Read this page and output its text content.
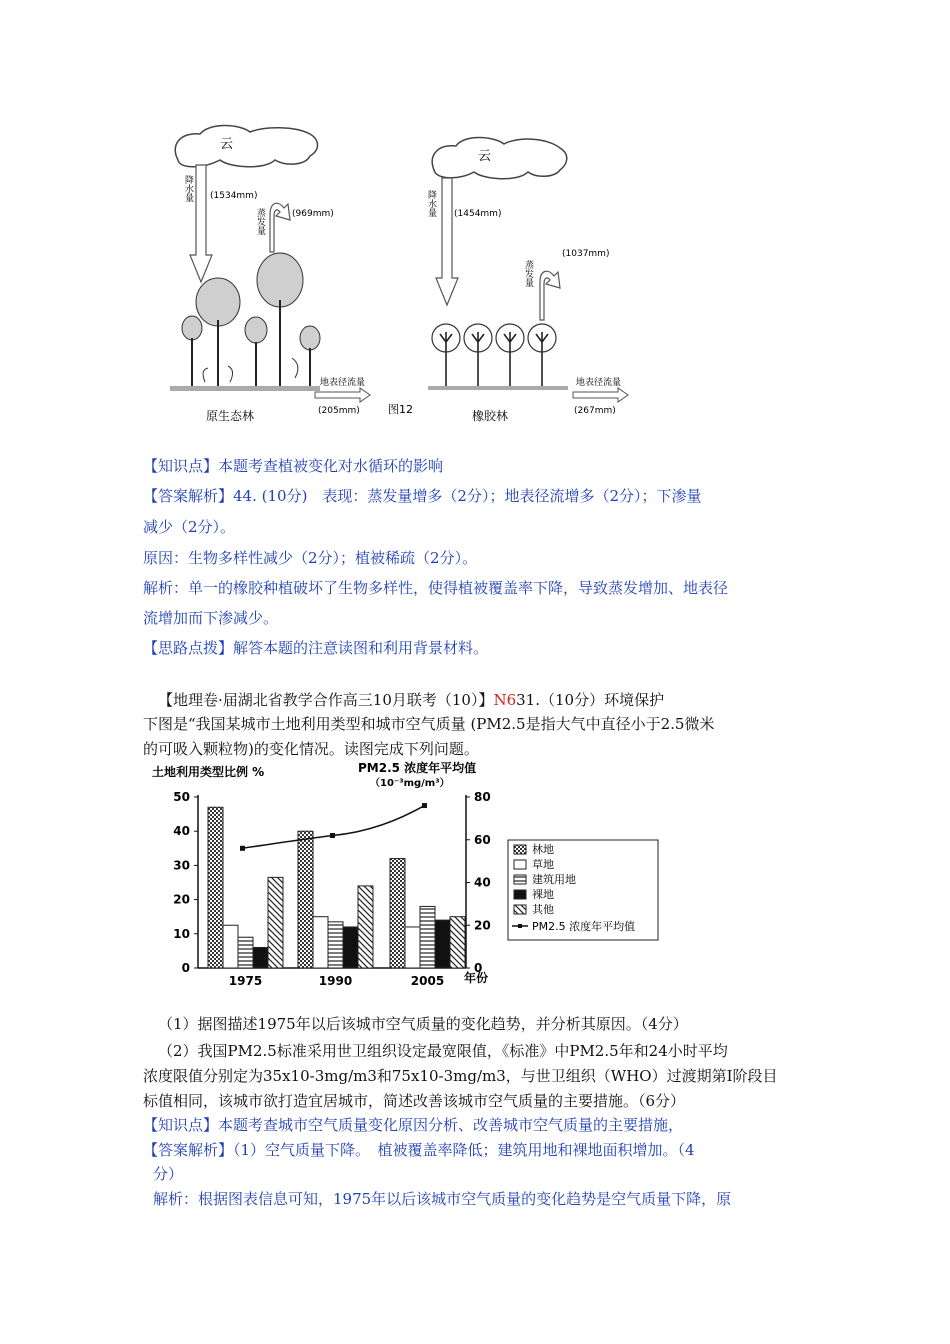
云
降水量 (1534mm)
蒸发量	(969mm)
地表径流量
(205mm)
原生态林	图12
云
降水量 (1454mm)
蒸发量
(1037mm)
地表径流量
(267mm)
橡胶林
【知识点】本题考查植被变化对水循环的影响
【答案解析】44. (10分)　表现：蒸发量增多（2分）；地表径流增多（2分）；下渗量
减少（2分）。
原因：生物多样性减少（2分）；植被稀疏（2分）。
解析：单一的橡胶种植破坏了生物多样性，使得植被覆盖率下降，导致蒸发增加、地表径
流增加而下渗减少。
【思路点拨】解答本题的注意读图和利用背景材料。
【地理卷·届湖北省教学合作高三10月联考（10）】N631.（10分）环境保护
下图是“我国某城市土地利用类型和城市空气质量 (PM2.5是指大气中直径小于2.5微米
的可吸入颗粒物)的变化情况。读图完成下列问题。
土地利用类型比例 %	PM2.5 浓度年平均值
（10⁻³mg/m³）
0
10
20
30
40
50
0
20
40
60
80
1975	1990	2005 年份
林地
草地
建筑用地
裸地
其他
PM2.5 浓度年平均值
（1）据图描述1975年以后该城市空气质量的变化趋势，并分析其原因。（4分）
（2）我国PM2.5标准采用世卫组织设定最宽限值，《标准》中PM2.5年和24小时平均
浓度限值分别定为35x10-3mg/m3和75x10-3mg/m3，与世卫组织（WHO）过渡期第Ⅰ阶段目
标值相同，该城市欲打造宜居城市，简述改善该城市空气质量的主要措施。（6分）
【知识点】本题考查城市空气质量变化原因分析、改善城市空气质量的主要措施，
【答案解析】（1）空气质量下降。　植被覆盖率降低；建筑用地和裸地面积增加。（4
分）
解析：根据图表信息可知，1975年以后该城市空气质量的变化趋势是空气质量下降，原
